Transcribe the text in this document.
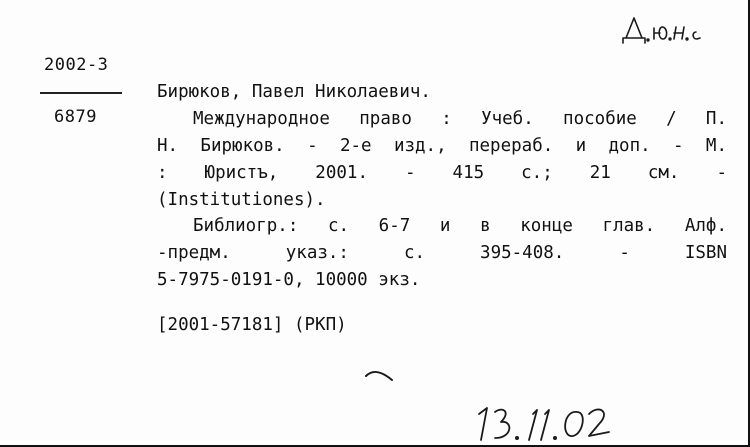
2002-3
6879
Бирюков, Павел Николаевич.
Международное право : Учеб. пособие / П.
Н. Бирюков. - 2-е изд., перераб. и доп. - М.
: Юристъ, 2001. - 415 с.; 21 см. -
(Institutiones).
Библиогр.: с. 6-7 и в конце глав. Алф.
-предм. указ.: с. 395-408. - ISBN
5-7975-0191-0, 10000 экз.
[2001-57181] (РКП)
Д.Ю.Н.
13.11.02
